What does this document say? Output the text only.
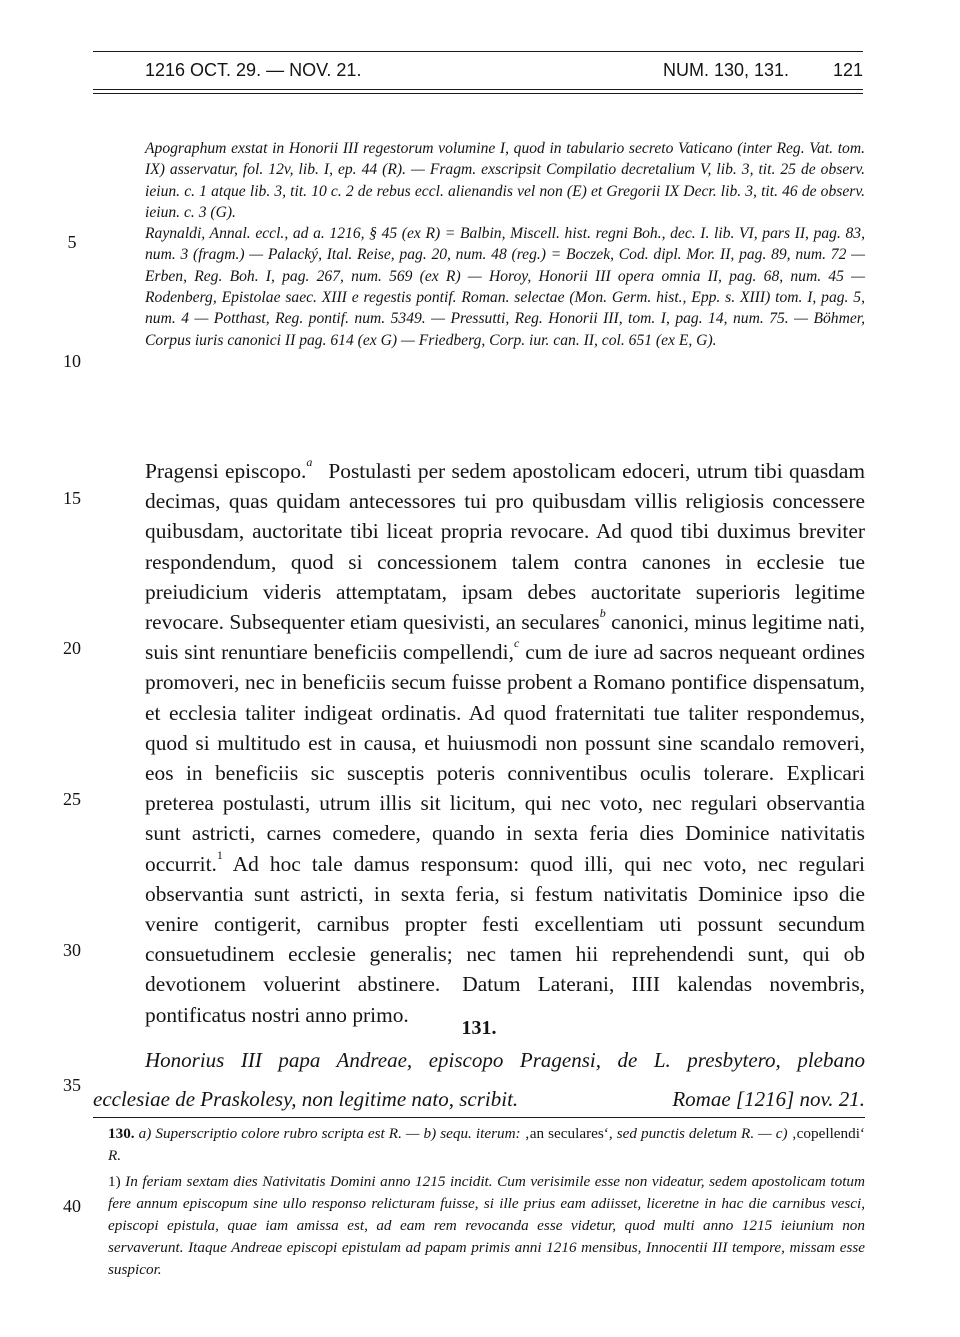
1216 OCT. 29. — NOV. 21.	NUM. 130, 131. 121
5
10
15
20
25
30
35
40

Apographum exstat in Honorii III regestorum volumine I, quod in tabulario secreto Vaticano (inter Reg. Vat. tom. IX) asservatur, fol. 12v, lib. I, ep. 44 (R). — Fragm. exscripsit Compilatio decretalium V, lib. 3, tit. 25 de observ. ieiun. c. 1 atque lib. 3, tit. 10 c. 2 de rebus eccl. alienandis vel non (E) et Gregorii IX Decr. lib. 3, tit. 46 de observ. ieiun. c. 3 (G).

Raynaldi, Annal. eccl., ad a. 1216, § 45 (ex R) = Balbin, Miscell. hist. regni Boh., dec. I. lib. VI, pars II, pag. 83, num. 3 (fragm.) — Palacký, Ital. Reise, pag. 20, num. 48 (reg.) = Boczek, Cod. dipl. Mor. II, pag. 89, num. 72 — Erben, Reg. Boh. I, pag. 267, num. 569 (ex R) — Horoy, Honorii III opera omnia II, pag. 68, num. 45 — Rodenberg, Epistolae saec. XIII e regestis pontif. Roman. selectae (Mon. Germ. hist., Epp. s. XIII) tom. I, pag. 5, num. 4 — Potthast, Reg. pontif. num. 5349. — Pressutti, Reg. Honorii III, tom. I, pag. 14, num. 75. — Böhmer, Corpus iuris canonici II pag. 614 (ex G) — Friedberg, Corp. iur. can. II, col. 651 (ex E, G).

Pragensi episcopo.$^a$ Postulasti per sedem apostolicam edoceri, utrum tibi quasdam decimas, quas quidam antecessores tui pro quibusdam villis religiosis concessere quibusdam, auctoritate tibi liceat propria revocare. Ad quod tibi duximus breviter respondendum, quod si concessionem talem contra canones in ecclesie tue preiudicium videris attemptatam, ipsam debes auctoritate superioris legitime revocare. Subsequenter etiam quesivisti, an seculares$^b$ canonici, minus legitime nati, suis sint renuntiare beneficiis compellendi,$^c$ cum de iure ad sacros nequeant ordines promoveri, nec in beneficiis secum fuisse probent a Romano pontifice dispensatum, et ecclesia taliter indigeat ordinatis. Ad quod fraternitati tue taliter respondemus, quod si multitudo est in causa, et huiusmodi non possunt sine scandalo removeri, eos in beneficiis sic susceptis poteris conniventibus oculis tolerare. Explicari preterea postulasti, utrum illis sit licitum, qui nec voto, nec regulari observantia sunt astricti, carnes comedere, quando in sexta feria dies Dominice nativitatis occurrit.$^1$ Ad hoc tale damus responsum: quod illi, qui nec voto, nec regulari observantia sunt astricti, in sexta feria, si festum nativitatis Dominice ipso die venire contigerit, carnibus propter festi excellentiam uti possunt secundum consuetudinem ecclesie generalis; nec tamen hii reprehendendi sunt, qui ob devotionem voluerint abstinere. Datum Laterani, IIII kalendas novembris, pontificatus nostri anno primo.
131.
Honorius III papa Andreae, episcopo Pragensi, de L. presbytero, plebano
ecclesiae de Praskolesy, non legitime nato, scribit.	Romae [1216] nov. 21.
130. a) Superscriptio colore rubro scripta est R. — b) sequ. iterum: ‚an seculares‘, sed punctis deletum R. — c) ‚copellendi‘ R.
1) In feriam sextam dies Nativitatis Domini anno 1215 incidit. Cum verisimile esse non videatur, sedem apostolicam totum fere annum episcopum sine ullo responso relicturam fuisse, si ille prius eam adiisset, liceretne in hac die carnibus vesci, episcopi epistula, quae iam amissa est, ad eam rem revocanda esse videtur, quod multi anno 1215 ieiunium non servaverunt. Itaque Andreae episcopi epistulam ad papam primis anni 1216 mensibus, Innocentii III tempore, missam esse suspicor.
